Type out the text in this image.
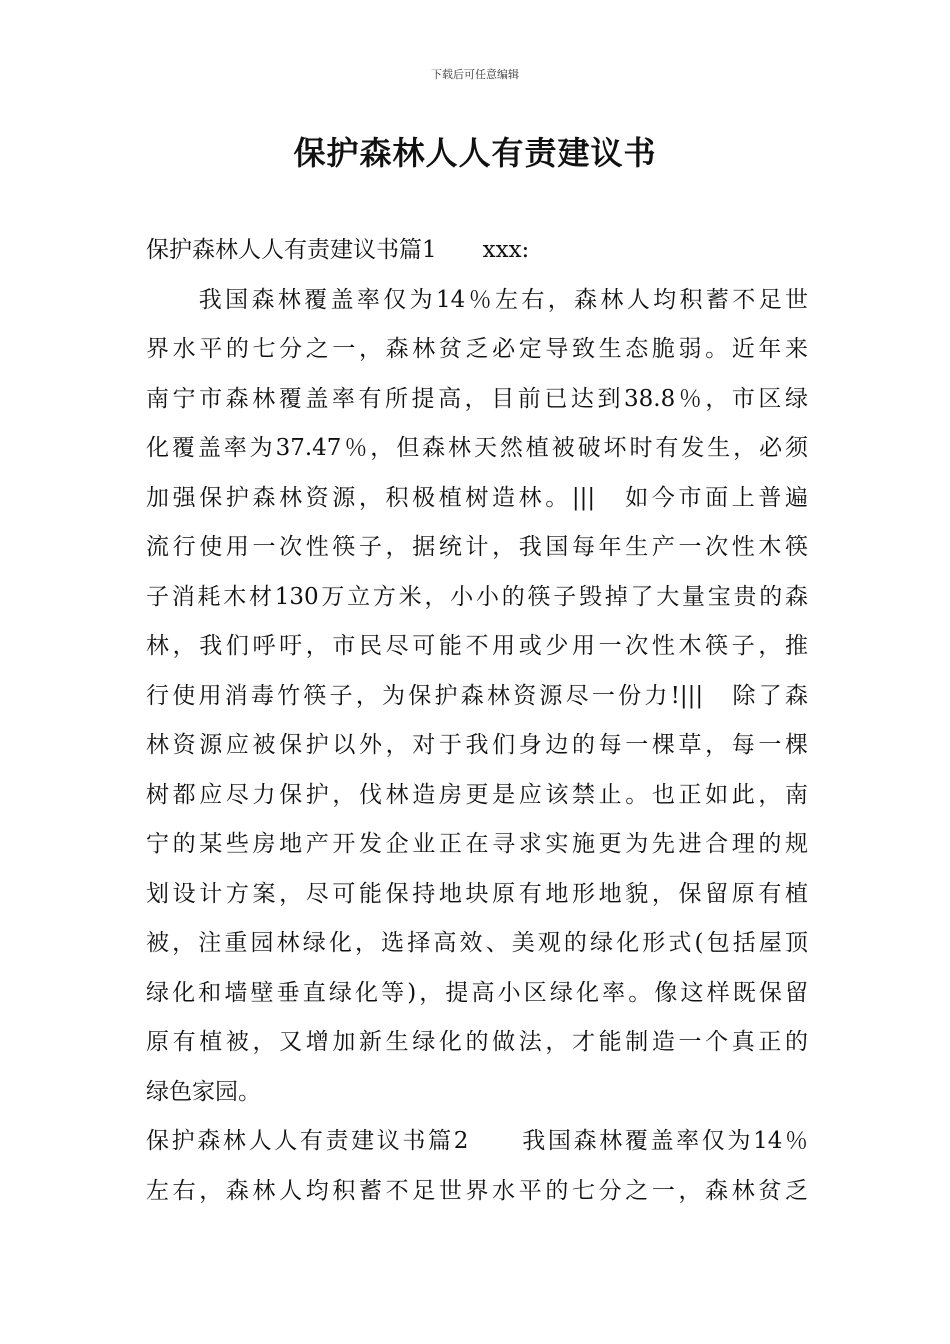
下载后可任意编辑
保护森林人人有责建议书
保护森林人人有责建议书篇1　　xxx:
　　我国森林覆盖率仅为14％左右，森林人均积蓄不足世
界水平的七分之一，森林贫乏必定导致生态脆弱。近年来
南宁市森林覆盖率有所提高，目前已达到38.8％，市区绿
化覆盖率为37.47％，但森林天然植被破坏时有发生，必须
加强保护森林资源，积极植树造林。|||　如今市面上普遍
流行使用一次性筷子，据统计，我国每年生产一次性木筷
子消耗木材130万立方米，小小的筷子毁掉了大量宝贵的森
林，我们呼吁，市民尽可能不用或少用一次性木筷子，推
行使用消毒竹筷子，为保护森林资源尽一份力!|||　除了森
林资源应被保护以外，对于我们身边的每一棵草，每一棵
树都应尽力保护，伐林造房更是应该禁止。也正如此，南
宁的某些房地产开发企业正在寻求实施更为先进合理的规
划设计方案，尽可能保持地块原有地形地貌，保留原有植
被，注重园林绿化，选择高效、美观的绿化形式(包括屋顶
绿化和墙壁垂直绿化等)，提高小区绿化率。像这样既保留
原有植被，又增加新生绿化的做法，才能制造一个真正的
绿色家园。
保护森林人人有责建议书篇2　　我国森林覆盖率仅为14％
左右，森林人均积蓄不足世界水平的七分之一，森林贫乏
